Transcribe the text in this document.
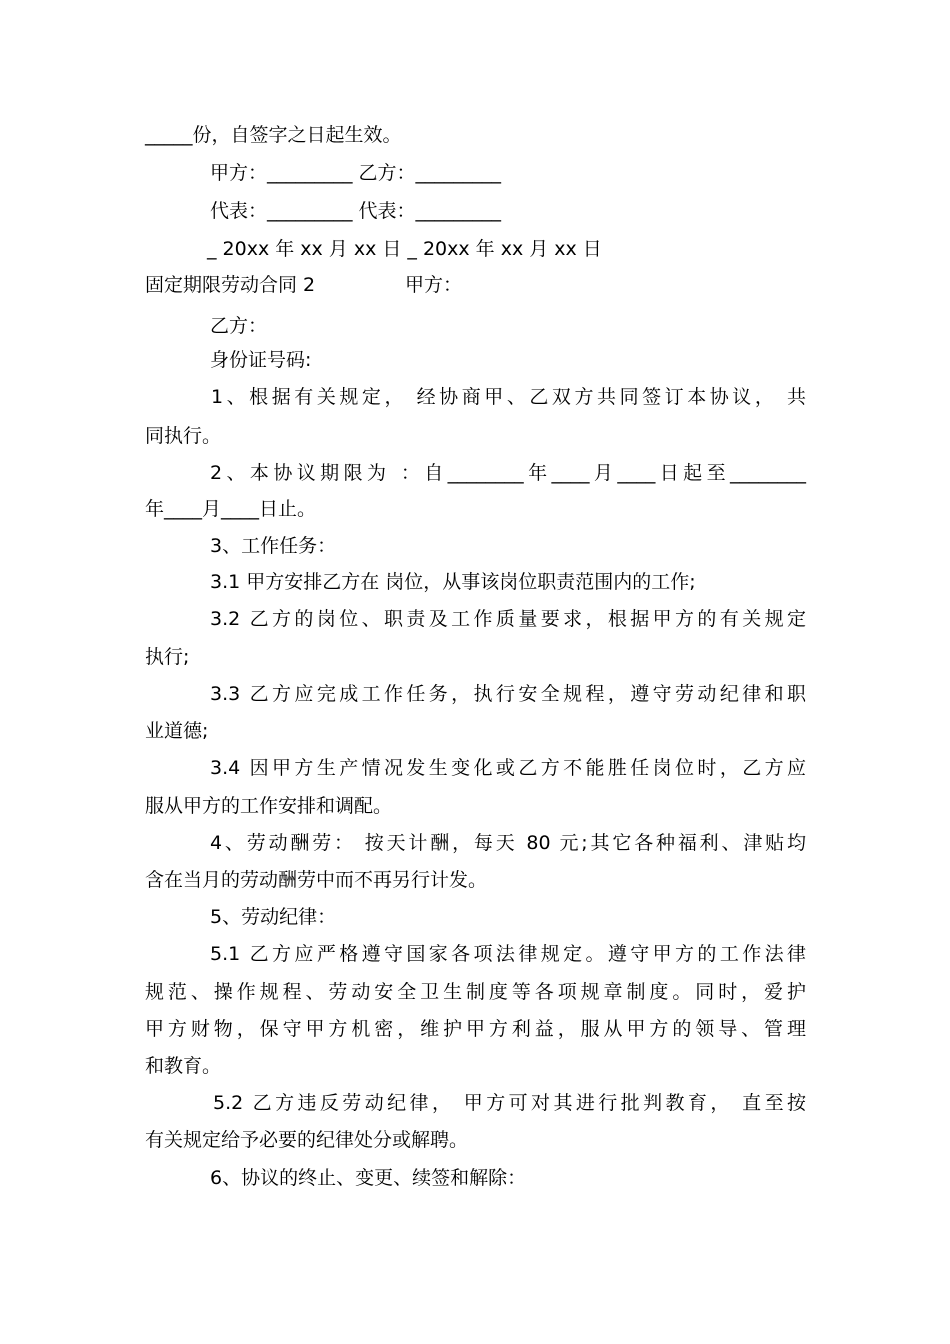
_____份，自签字之日起生效。
甲方：_________ 乙方：_________
代表：_________ 代表：_________
_ 20xx 年 xx 月 xx 日 _ 20xx 年 xx 月 xx 日
固定期限劳动合同 2	甲方：
乙方：
身份证号码:
1、根据有关规定， 经协商甲、乙双方共同签订本协议， 共
同执行。
2、本协议期限为 ：自________年____月____日起至________
年____月____日止。
3、工作任务：
3.1 甲方安排乙方在 岗位，从事该岗位职责范围内的工作;
3.2 乙方的岗位、职责及工作质量要求，根据甲方的有关规定
执行;
3.3 乙方应完成工作任务，执行安全规程，遵守劳动纪律和职
业道德;
3.4 因甲方生产情况发生变化或乙方不能胜任岗位时，乙方应
服从甲方的工作安排和调配。
4、劳动酬劳： 按天计酬，每天 80 元;其它各种福利、津贴均
含在当月的劳动酬劳中而不再另行计发。
5、劳动纪律：
5.1 乙方应严格遵守国家各项法律规定。遵守甲方的工作法律
规范、操作规程、劳动安全卫生制度等各项规章制度。同时，爱护
甲方财物，保守甲方机密，维护甲方利益，服从甲方的领导、管理
和教育。
5.2 乙方违反劳动纪律， 甲方可对其进行批判教育， 直至按
有关规定给予必要的纪律处分或解聘。
6、协议的终止、变更、续签和解除：
